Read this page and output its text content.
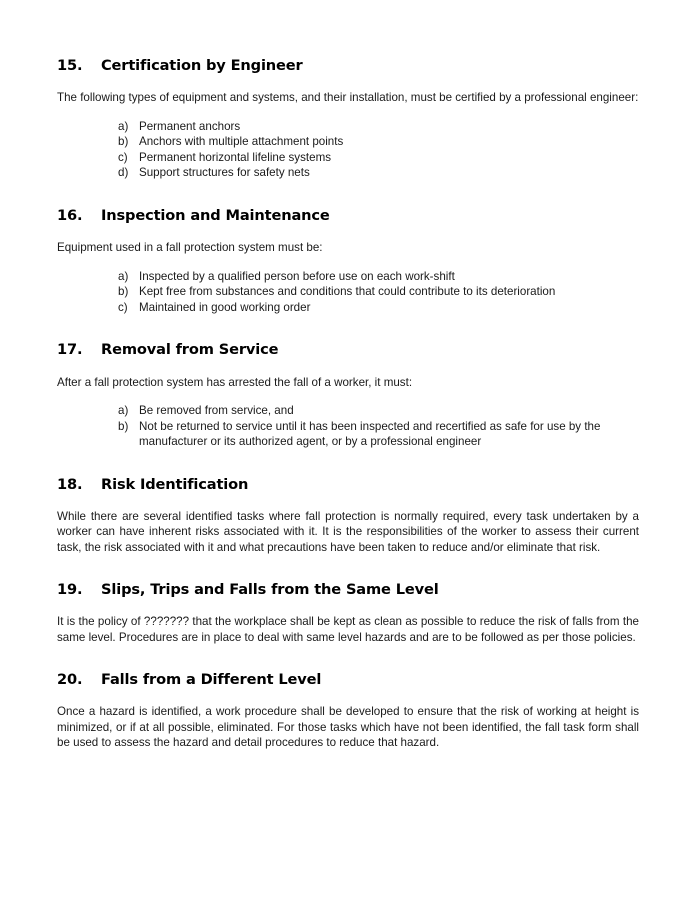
15.	Certification by Engineer

The following types of equipment and systems, and their installation, must be certified by a professional engineer:

a) Permanent anchors
b) Anchors with multiple attachment points
c) Permanent horizontal lifeline systems
d) Support structures for safety nets
16.	Inspection and Maintenance

Equipment used in a fall protection system must be:

a) Inspected by a qualified person before use on each work-shift
b) Kept free from substances and conditions that could contribute to its deterioration
c) Maintained in good working order
17.	Removal from Service

After a fall protection system has arrested the fall of a worker, it must:

a) Be removed from service, and
b) Not be returned to service until it has been inspected and recertified as safe for use by the manufacturer or its authorized agent, or by a professional engineer
18.	Risk Identification

While there are several identified tasks where fall protection is normally required, every task undertaken by a worker can have inherent risks associated with it. It is the responsibilities of the worker to assess their current task, the risk associated with it and what precautions have been taken to reduce and/or eliminate that risk.

19.	Slips, Trips and Falls from the Same Level

It is the policy of ??????? that the workplace shall be kept as clean as possible to reduce the risk of falls from the same level. Procedures are in place to deal with same level hazards and are to be followed as per those policies.

20.	Falls from a Different Level

Once a hazard is identified, a work procedure shall be developed to ensure that the risk of working at height is minimized, or if at all possible, eliminated. For those tasks which have not been identified, the fall task form shall be used to assess the hazard and detail procedures to reduce that hazard.
